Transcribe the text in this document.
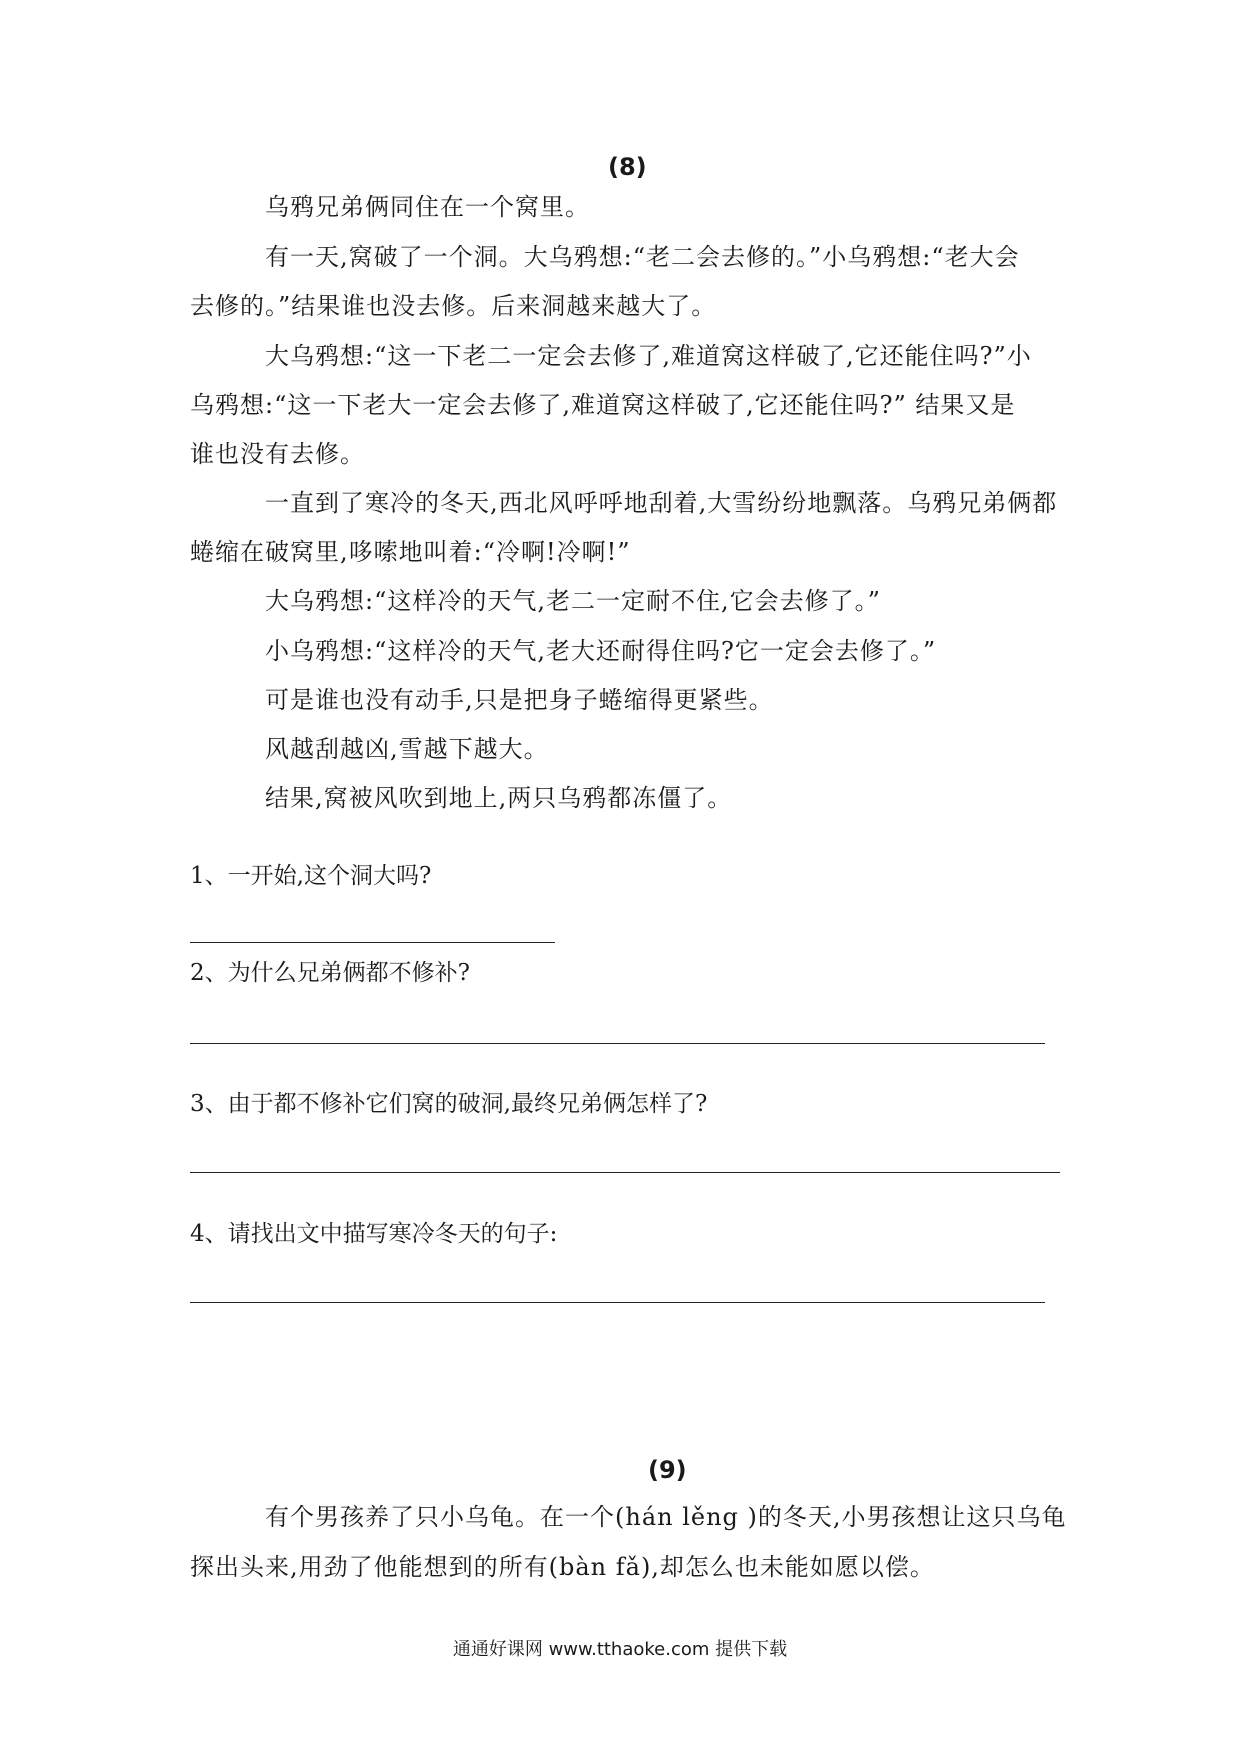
(8)
乌鸦兄弟俩同住在一个窝里。
有一天,窝破了一个洞。大乌鸦想:“老二会去修的。”小乌鸦想:“老大会
去修的。”结果谁也没去修。后来洞越来越大了。
大乌鸦想:“这一下老二一定会去修了,难道窝这样破了,它还能住吗?”小
乌鸦想:“这一下老大一定会去修了,难道窝这样破了,它还能住吗?” 结果又是
谁也没有去修。
一直到了寒冷的冬天,西北风呼呼地刮着,大雪纷纷地飘落。乌鸦兄弟俩都
蜷缩在破窝里,哆嗦地叫着:“冷啊!冷啊!”
大乌鸦想:“这样冷的天气,老二一定耐不住,它会去修了。”
小乌鸦想:“这样冷的天气,老大还耐得住吗?它一定会去修了。”
可是谁也没有动手,只是把身子蜷缩得更紧些。
风越刮越凶,雪越下越大。
结果,窝被风吹到地上,两只乌鸦都冻僵了。
1、一开始,这个洞大吗?
2、为什么兄弟俩都不修补?
3、由于都不修补它们窝的破洞,最终兄弟俩怎样了?
4、请找出文中描写寒冷冬天的句子:
(9)
有个男孩养了只小乌龟。在一个(hán lěng )的冬天,小男孩想让这只乌龟
探出头来,用劲了他能想到的所有(bàn fǎ),却怎么也未能如愿以偿。
通通好课网 www.tthaoke.com 提供下载
